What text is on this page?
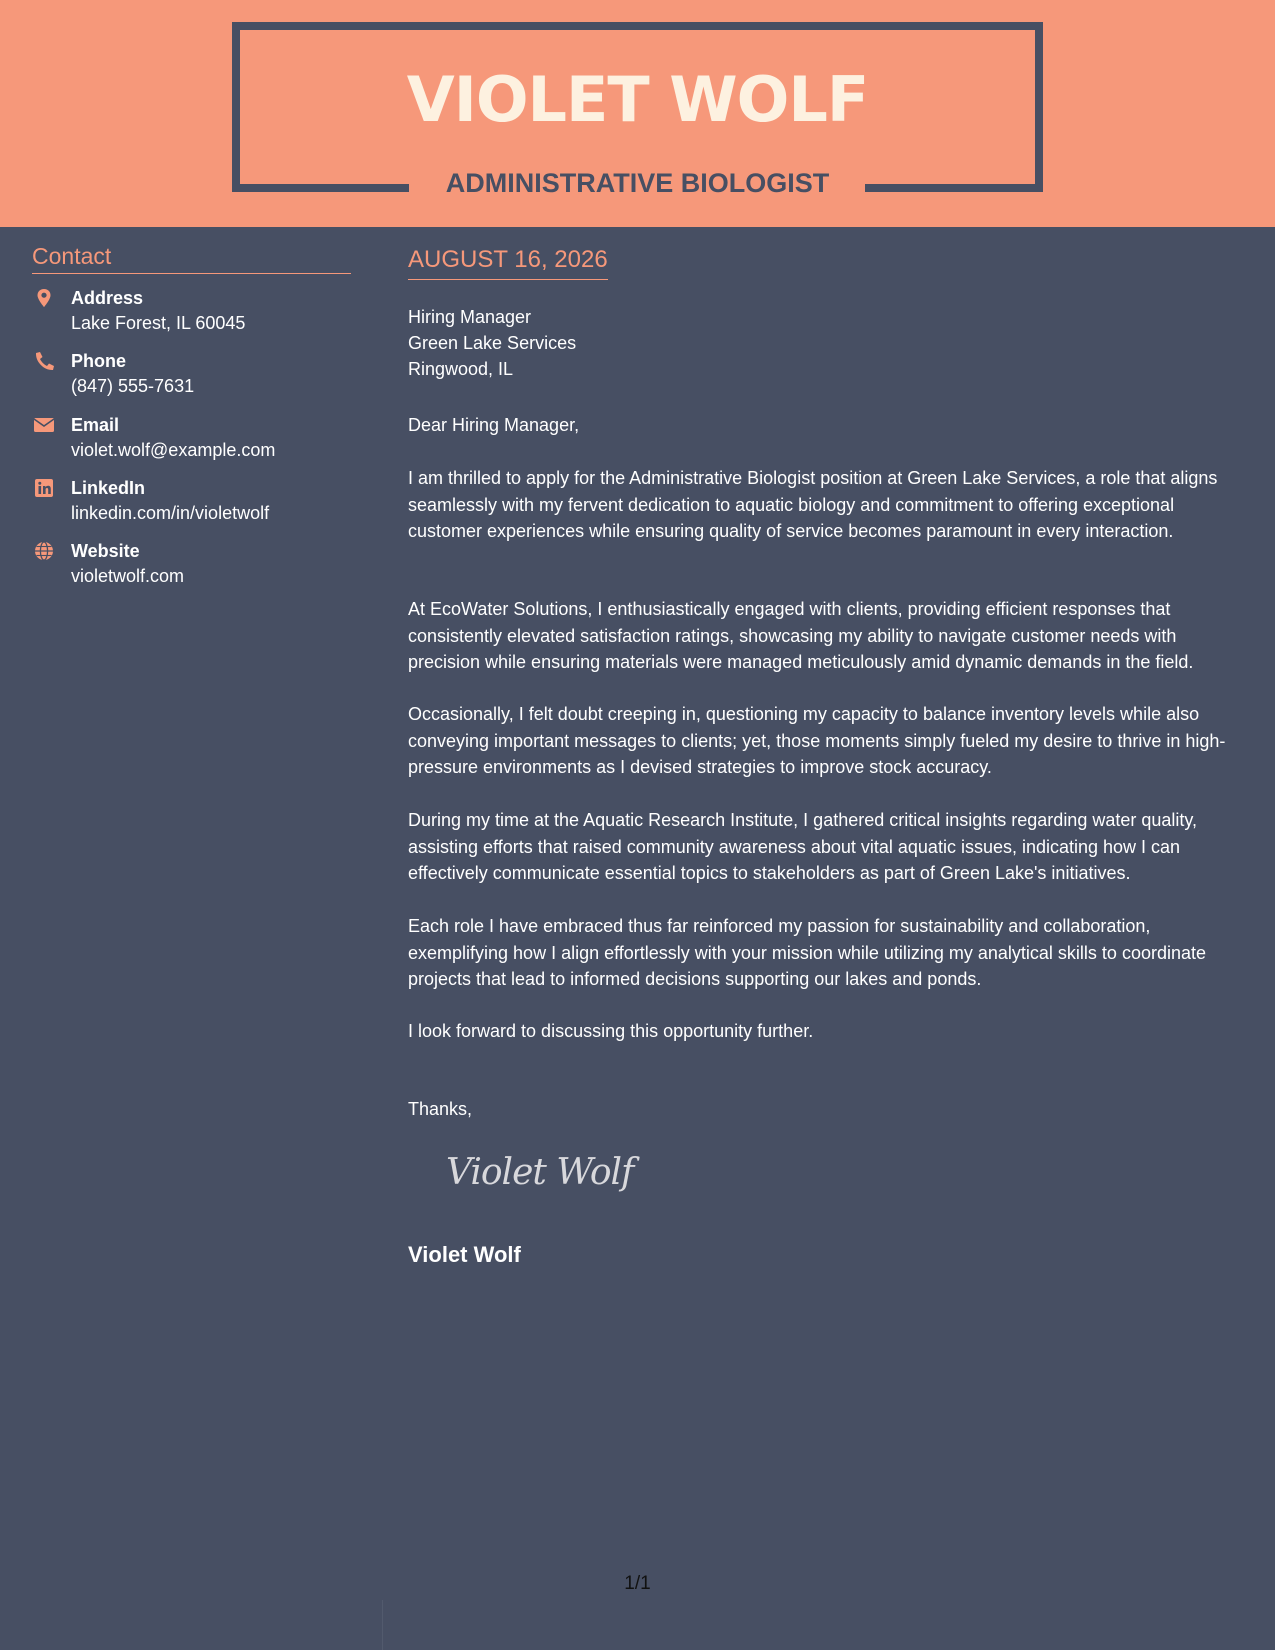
VIOLET WOLF
ADMINISTRATIVE BIOLOGIST
Contact
Address
Lake Forest, IL 60045
Phone
(847) 555-7631
Email
violet.wolf@example.com
LinkedIn
linkedin.com/in/violetwolf
Website
violetwolf.com
AUGUST 16, 2026
Hiring Manager
Green Lake Services
Ringwood, IL
Dear Hiring Manager,
I am thrilled to apply for the Administrative Biologist position at Green Lake Services, a role that aligns seamlessly with my fervent dedication to aquatic biology and commitment to offering exceptional customer experiences while ensuring quality of service becomes paramount in every interaction.
At EcoWater Solutions, I enthusiastically engaged with clients, providing efficient responses that consistently elevated satisfaction ratings, showcasing my ability to navigate customer needs with precision while ensuring materials were managed meticulously amid dynamic demands in the field.
Occasionally, I felt doubt creeping in, questioning my capacity to balance inventory levels while also conveying important messages to clients; yet, those moments simply fueled my desire to thrive in high-pressure environments as I devised strategies to improve stock accuracy.
During my time at the Aquatic Research Institute, I gathered critical insights regarding water quality, assisting efforts that raised community awareness about vital aquatic issues, indicating how I can effectively communicate essential topics to stakeholders as part of Green Lake's initiatives.
Each role I have embraced thus far reinforced my passion for sustainability and collaboration, exemplifying how I align effortlessly with your mission while utilizing my analytical skills to coordinate projects that lead to informed decisions supporting our lakes and ponds.
I look forward to discussing this opportunity further.
Thanks,
Violet Wolf
Violet Wolf
1/1
